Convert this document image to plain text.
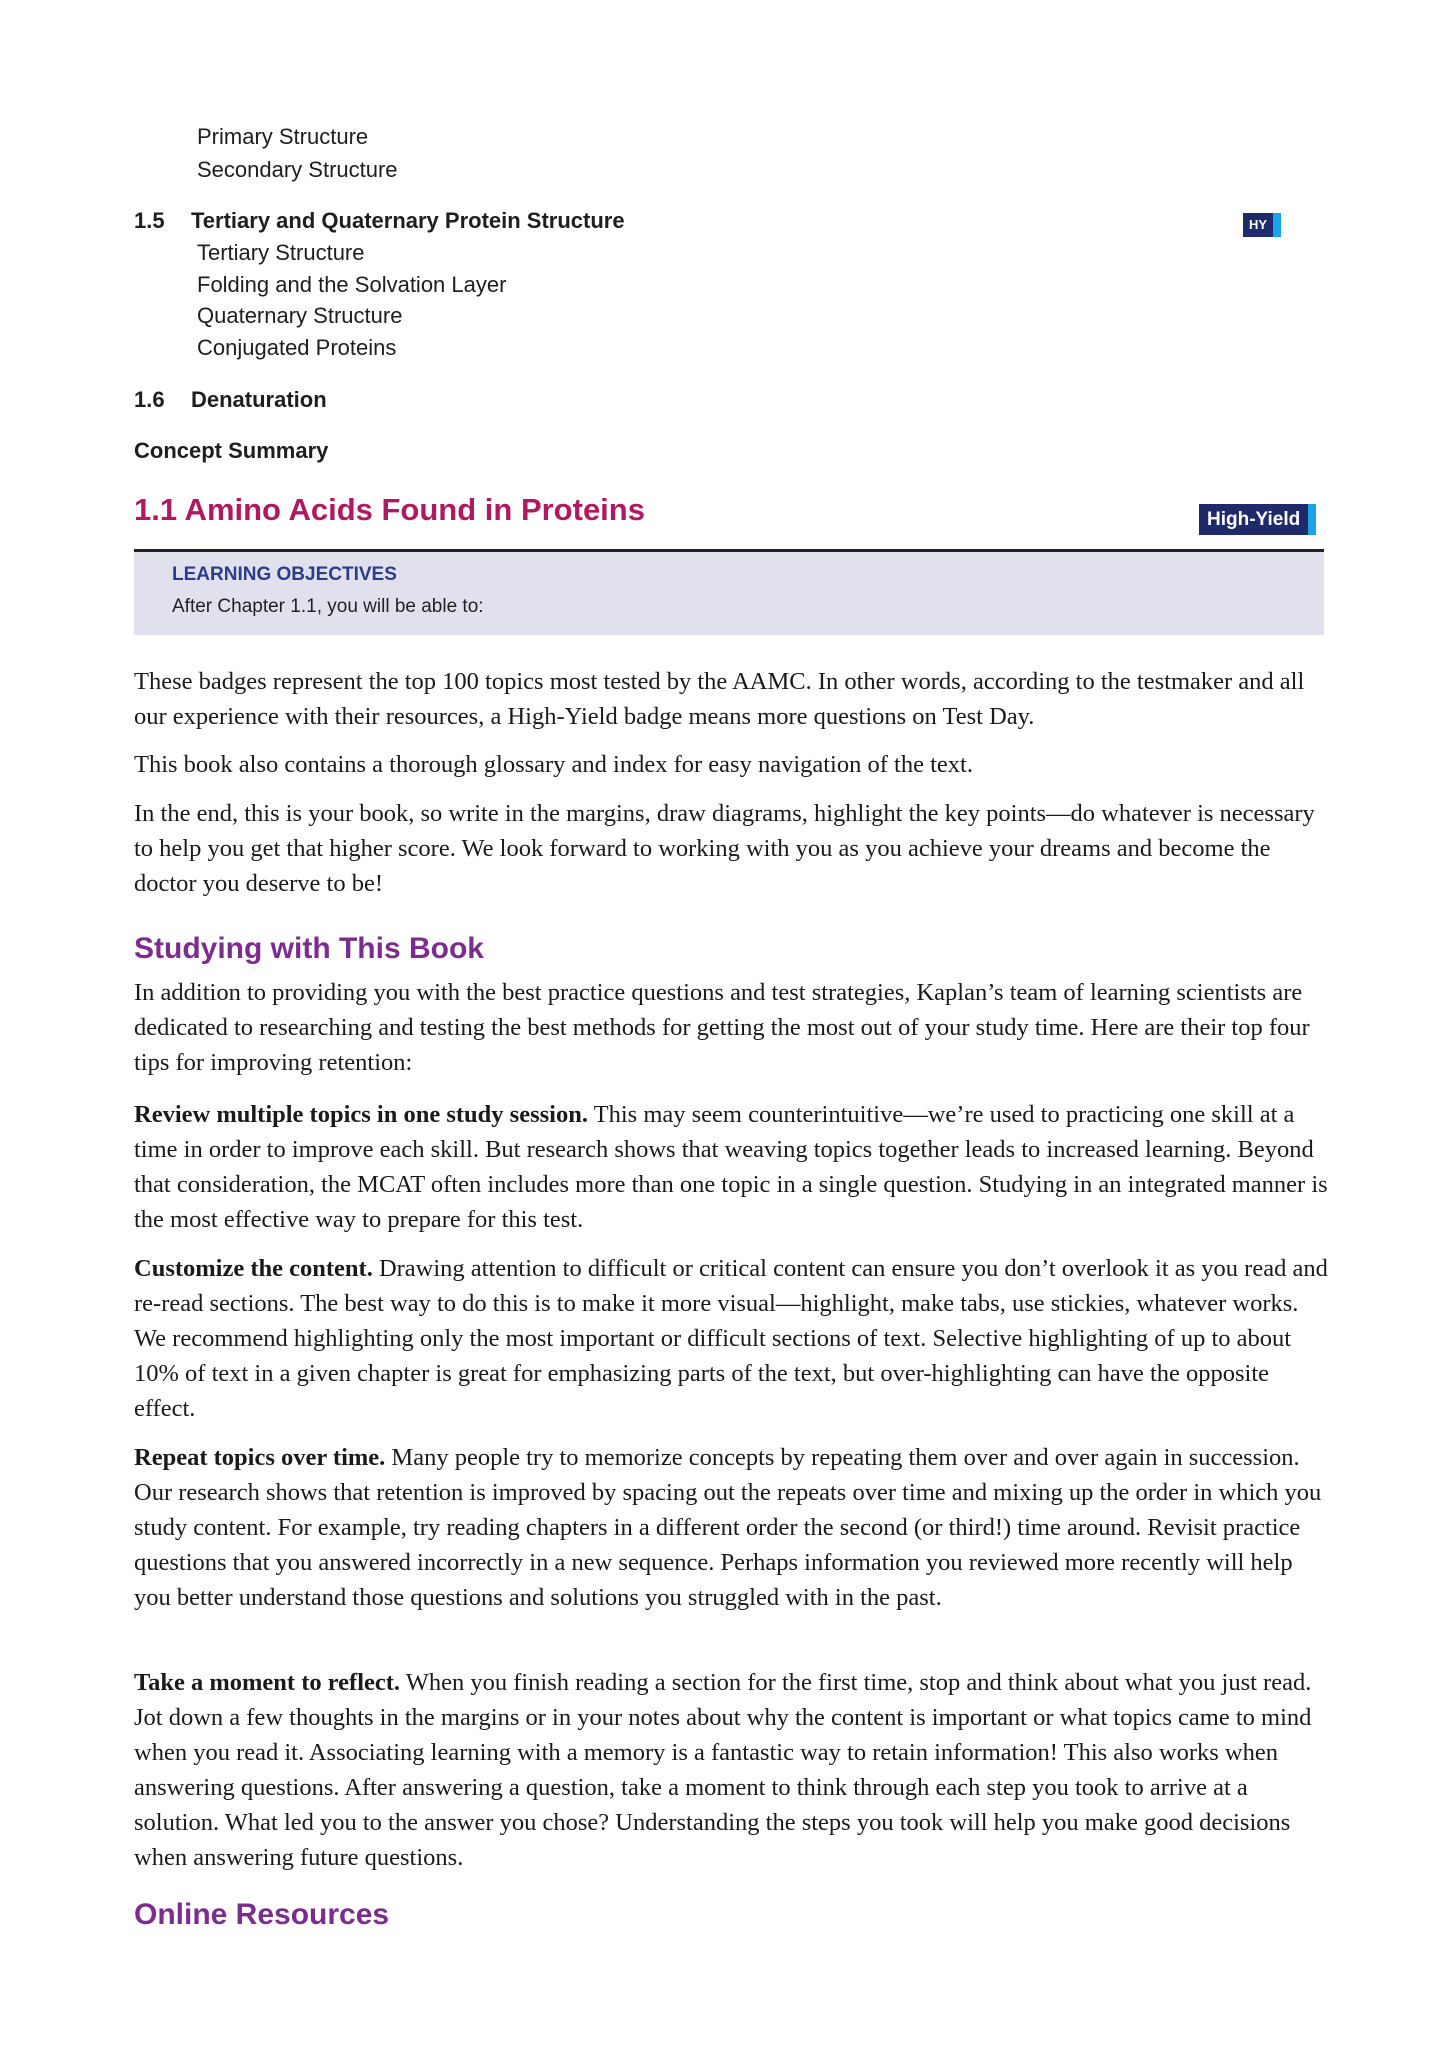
Primary Structure
Secondary Structure
1.5 Tertiary and Quaternary Protein Structure	HY
Tertiary Structure
Folding and the Solvation Layer
Quaternary Structure
Conjugated Proteins
1.6 Denaturation
Concept Summary
1.1 Amino Acids Found in Proteins	High-Yield
LEARNING OBJECTIVES
After Chapter 1.1, you will be able to:

These badges represent the top 100 topics most tested by the AAMC. In other words, according to the testmaker and all our experience with their resources, a High-Yield badge means more questions on Test Day.

This book also contains a thorough glossary and index for easy navigation of the text.

In the end, this is your book, so write in the margins, draw diagrams, highlight the key points—do whatever is necessary to help you get that higher score. We look forward to working with you as you achieve your dreams and become the doctor you deserve to be!

Studying with This Book

In addition to providing you with the best practice questions and test strategies, Kaplan’s team of learning scientists are dedicated to researching and testing the best methods for getting the most out of your study time. Here are their top four tips for improving retention:

Review multiple topics in one study session. This may seem counterintuitive—we’re used to practicing one skill at a time in order to improve each skill. But research shows that weaving topics together leads to increased learning. Beyond that consideration, the MCAT often includes more than one topic in a single question. Studying in an integrated manner is the most effective way to prepare for this test.

Customize the content. Drawing attention to difficult or critical content can ensure you don’t overlook it as you read and re-read sections. The best way to do this is to make it more visual—highlight, make tabs, use stickies, whatever works. We recommend highlighting only the most important or difficult sections of text. Selective highlighting of up to about 10% of text in a given chapter is great for emphasizing parts of the text, but over-highlighting can have the opposite effect.

Repeat topics over time. Many people try to memorize concepts by repeating them over and over again in succession. Our research shows that retention is improved by spacing out the repeats over time and mixing up the order in which you study content. For example, try reading chapters in a different order the second (or third!) time around. Revisit practice questions that you answered incorrectly in a new sequence. Perhaps information you reviewed more recently will help you better understand those questions and solutions you struggled with in the past.

Take a moment to reflect. When you finish reading a section for the first time, stop and think about what you just read. Jot down a few thoughts in the margins or in your notes about why the content is important or what topics came to mind when you read it. Associating learning with a memory is a fantastic way to retain information! This also works when answering questions. After answering a question, take a moment to think through each step you took to arrive at a solution. What led you to the answer you chose? Understanding the steps you took will help you make good decisions when answering future questions.

Online Resources
